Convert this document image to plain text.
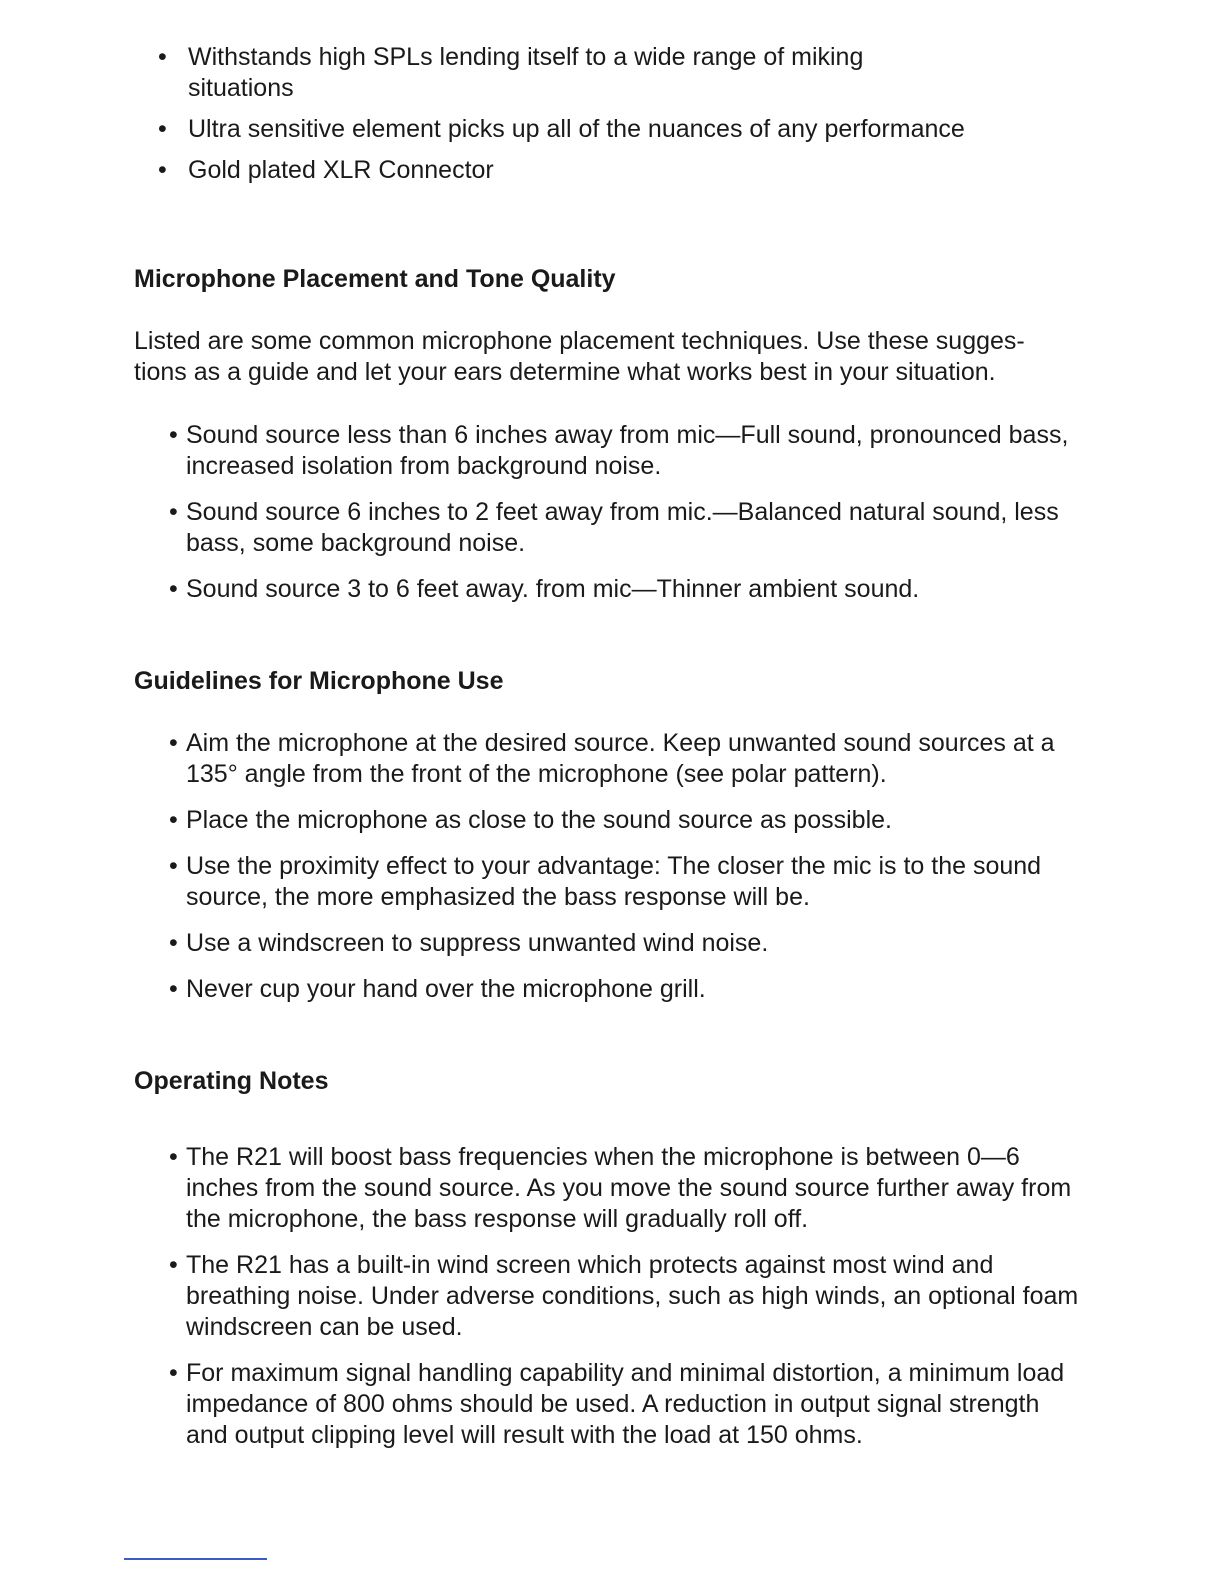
• Withstands high SPLs lending itself to a wide range of miking situations
• Ultra sensitive element picks up all of the nuances of any performance
• Gold plated XLR Connector
Microphone Placement and Tone Quality

Listed are some common microphone placement techniques. Use these sugges-tions as a guide and let your ears determine what works best in your situation.

• Sound source less than 6 inches away from mic—Full sound, pronounced bass, increased isolation from background noise.
• Sound source 6 inches to 2 feet away from mic.—Balanced natural sound, less bass, some background noise.
• Sound source 3 to 6 feet away. from mic—Thinner ambient sound.
Guidelines for Microphone Use
• Aim the microphone at the desired source. Keep unwanted sound sources at a 135° angle from the front of the microphone (see polar pattern).
• Place the microphone as close to the sound source as possible.
• Use the proximity effect to your advantage: The closer the mic is to the sound source, the more emphasized the bass response will be.
• Use a windscreen to suppress unwanted wind noise.
• Never cup your hand over the microphone grill.
Operating Notes
• The R21 will boost bass frequencies when the microphone is between 0—6 inches from the sound source. As you move the sound source further away from the microphone, the bass response will gradually roll off.
• The R21 has a built-in wind screen which protects against most wind and breathing noise. Under adverse conditions, such as high winds, an optional foam windscreen can be used.
• For maximum signal handling capability and minimal distortion, a minimum load impedance of 800 ohms should be used. A reduction in output signal strength and output clipping level will result with the load at 150 ohms.
